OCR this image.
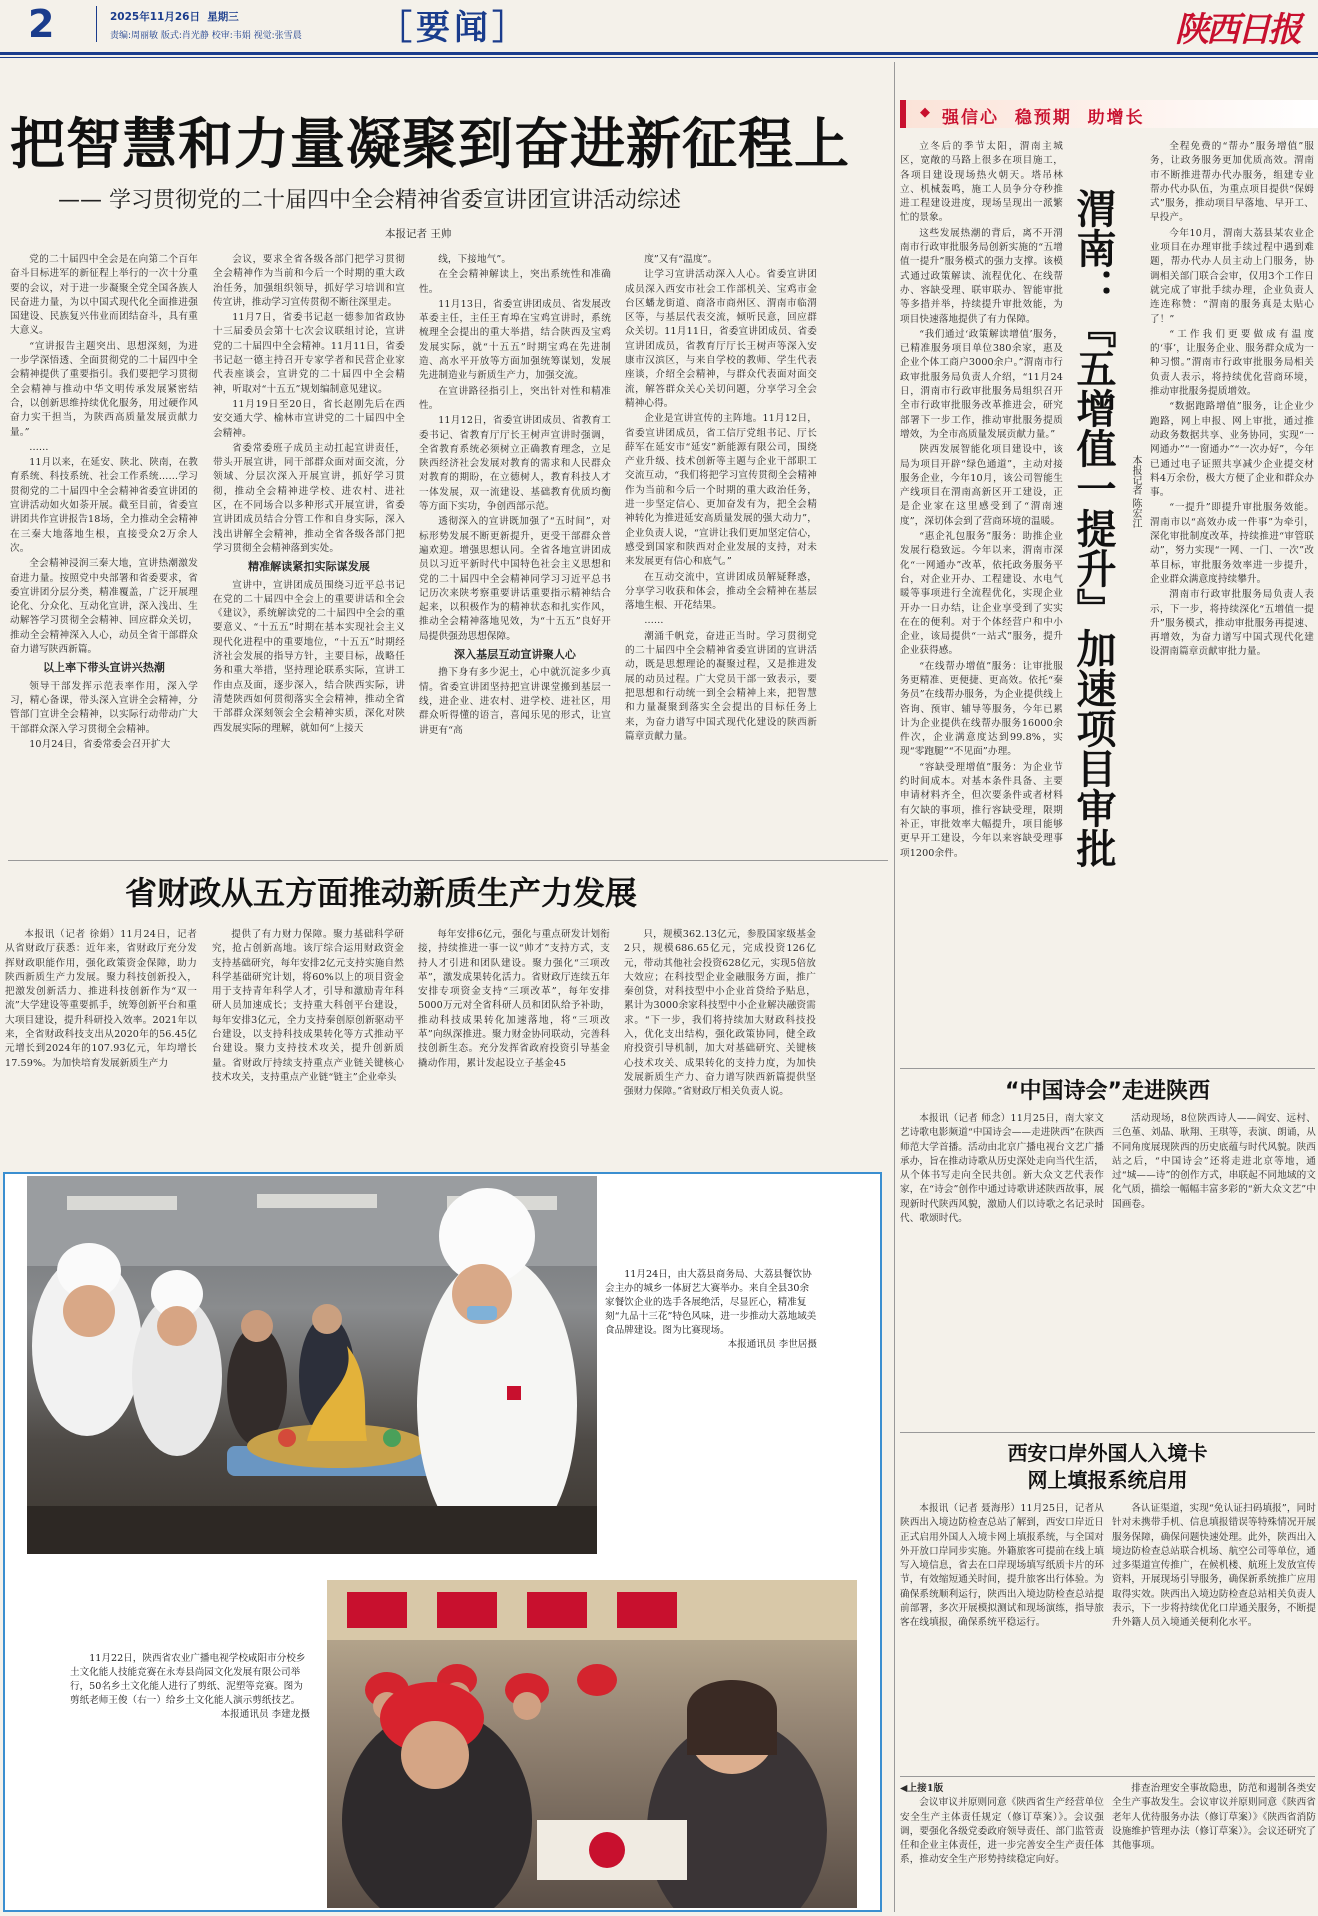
2	2025年11月26日 星期三
责编:周丽敏 版式:肖光静 校审:韦娟 视觉:张雪晨 ［要闻］	陕西日报
把智慧和力量凝聚到奋进新征程上
—— 学习贯彻党的二十届四中全会精神省委宣讲团宣讲活动综述
本报记者 王帅

党的二十届四中全会是在向第二个百年奋斗目标进军的新征程上举行的一次十分重要的会议，对于进一步凝聚全党全国各族人民奋进力量，为以中国式现代化全面推进强国建设、民族复兴伟业而团结奋斗，具有重大意义。

“宣讲报告主题突出、思想深刻，为进一步学深悟透、全面贯彻党的二十届四中全会精神提供了重要指引。我们要把学习贯彻全会精神与推动中华文明传承发展紧密结合，以创新思维持续优化服务，用过硬作风奋力实干担当，为陕西高质量发展贡献力量。”

……

11月以来，在延安、陕北、陕南，在教育系统、科技系统、社会工作系统……学习贯彻党的二十届四中全会精神省委宣讲团的宣讲活动如火如荼开展。截至目前，省委宣讲团共作宣讲报告18场，全力推动全会精神在三秦大地落地生根，直接受众2万余人次。

全会精神浸润三秦大地，宣讲热潮激发奋进力量。按照党中央部署和省委要求，省委宣讲团分层分类，精准覆盖，广泛开展理论化、分众化、互动化宣讲，深入浅出、生动解答学习贯彻全会精神、回应群众关切，推动全会精神深入人心，动员全省干部群众奋力谱写陕西新篇。

以上率下带头宣讲兴热潮

领导干部发挥示范表率作用，深入学习，精心备课，带头深入宣讲全会精神，分管部门宣讲全会精神，以实际行动带动广大干部群众深入学习贯彻全会精神。

10月24日，省委常委会召开扩大

会议，要求全省各级各部门把学习贯彻全会精神作为当前和今后一个时期的重大政治任务，加强组织领导，抓好学习培训和宣传宣讲，推动学习宣传贯彻不断往深里走。

11月7日，省委书记赵一德参加省政协十三届委员会第十七次会议联组讨论，宣讲党的二十届四中全会精神。11月11日，省委书记赵一德主持召开专家学者和民营企业家代表座谈会，宣讲党的二十届四中全会精神，听取对“十五五”规划编制意见建议。

11月19日至20日，省长赵刚先后在西安交通大学、榆林市宣讲党的二十届四中全会精神。

省委常委班子成员主动扛起宣讲责任，带头开展宣讲，同干部群众面对面交流，分领域、分层次深入开展宣讲，抓好学习贯彻，推动全会精神进学校、进农村、进社区，在不同场合以多种形式开展宣讲，省委宣讲团成员结合分管工作和自身实际，深入浅出讲解全会精神，推动全省各级各部门把学习贯彻全会精神落到实处。

精准解读紧扣实际谋发展

宣讲中，宣讲团成员围绕习近平总书记在党的二十届四中全会上的重要讲话和全会《建议》，系统解读党的二十届四中全会的重要意义、“十五五”时期在基本实现社会主义现代化进程中的重要地位，“十五五”时期经济社会发展的指导方针，主要目标，战略任务和重大举措，坚持理论联系实际，宣讲工作由点及面，逐步深入，结合陕西实际，讲清楚陕西如何贯彻落实全会精神，推动全省干部群众深刻领会全会精神实质，深化对陕西发展实际的理解，就如何“上接天

线，下接地气”。

在全会精神解读上，突出系统性和准确性。

11月13日，省委宣讲团成员、省发展改革委主任，主任王育埠在宝鸡宣讲时，系统梳理全会提出的重大举措，结合陕西及宝鸡发展实际，就“十五五”时期宝鸡在先进制造、高水平开放等方面加强统筹谋划，发展先进制造业与新质生产力，加强交流。

在宣讲路径指引上，突出针对性和精准性。

11月12日，省委宣讲团成员、省教育工委书记、省教育厅厅长王树声宣讲时强调，全省教育系统必须树立正确教育理念，立足陕西经济社会发展对教育的需求和人民群众对教育的期盼，在立德树人，教育科技人才一体发展，双一流建设、基础教育优质均衡等方面下实功，争创西部示范。

透彻深入的宣讲既加强了“五时间”，对标形势发展不断更新提升，更受干部群众普遍欢迎。增强思想认同。全省各地宣讲团成员以习近平新时代中国特色社会主义思想和党的二十届四中全会精神同学习习近平总书记历次来陕考察重要讲话重要指示精神结合起来，以积极作为的精神状态和扎实作风，推动全会精神落地见效，为“十五五”良好开局提供强劲思想保障。

深入基层互动宣讲聚人心

撸下身有多少泥土，心中就沉淀多少真情。省委宣讲团坚持把宣讲课堂搬到基层一线，进企业、进农村、进学校、进社区，用群众听得懂的语言，喜闻乐见的形式，让宣讲更有“高

度”又有“温度”。

让学习宣讲活动深入人心。省委宣讲团成员深入西安市社会工作部机关、宝鸡市金台区蟠龙街道、商洛市商州区、渭南市临渭区等，与基层代表交流，倾听民意，回应群众关切。11月11日，省委宣讲团成员、省委宣讲团成员，省教育厅厅长王树声等深入安康市汉滨区，与来自学校的教师、学生代表座谈，介绍全会精神，与群众代表面对面交流，解答群众关心关切问题，分享学习全会精神心得。

企业是宣讲宣传的主阵地。11月12日，省委宣讲团成员，省工信厅党组书记、厅长薛军在延安市“延安”新能源有限公司，围绕产业升级、技术创新等主题与企业干部职工交流互动，“我们将把学习宣传贯彻全会精神作为当前和今后一个时期的重大政治任务，进一步坚定信心、更加奋发有为，把全会精神转化为推进延安高质量发展的强大动力”，企业负责人说，“宣讲让我们更加坚定信心，感受到国家和陕西对企业发展的支持，对未来发展更有信心和底气。”

在互动交流中，宣讲团成员解疑释惑，分享学习收获和体会，推动全会精神在基层落地生根、开花结果。

……

潮涌千帆竞，奋进正当时。学习贯彻党的二十届四中全会精神省委宣讲团的宣讲活动，既是思想理论的凝聚过程，又是推进发展的动员过程。广大党员干部一致表示，要把思想和行动统一到全会精神上来，把智慧和力量凝聚到落实全会提出的目标任务上来，为奋力谱写中国式现代化建设的陕西新篇章贡献力量。

省财政从五方面推动新质生产力发展

本报讯（记者 徐娟）11月24日，记者从省财政厅获悉：近年来，省财政厅充分发挥财政职能作用，强化政策资金保障，助力陕西新质生产力发展。聚力科技创新投入，把激发创新活力、推进科技创新作为“双一流”大学建设等重要抓手，统筹创新平台和重大项目建设，提升科研投入效率。2021年以来，全省财政科技支出从2020年的56.45亿元增长到2024年的107.93亿元，年均增长17.59%。为加快培育发展新质生产力

提供了有力财力保障。聚力基础科学研究，抢占创新高地。该厅综合运用财政资金支持基础研究，每年安排2亿元支持实施自然科学基础研究计划，将60%以上的项目资金用于支持青年科学人才，引导和激励青年科研人员加速成长；支持重大科创平台建设，每年安排3亿元，全力支持秦创原创新驱动平台建设，以支持科技成果转化等方式推动平台建设。聚力支持技术攻关，提升创新质量。省财政厅持续支持重点产业链关键核心技术攻关，支持重点产业链“链主”企业牵头

每年安排6亿元，强化与重点研发计划衔接，持续推进一事一议“帅才”支持方式，支持人才引进和团队建设。聚力强化“三项改革”，激发成果转化活力。省财政厅连续五年安排专项资金支持“三项改革”，每年安排5000万元对全省科研人员和团队给予补助，推动科技成果转化加速落地，将“三项改革”向纵深推进。聚力财金协同联动，完善科技创新生态。充分发挥省政府投资引导基金撬动作用，累计发起设立子基金45

只，规模362.13亿元，参股国家级基金2只，规模686.65亿元，完成投资126亿元，带动其他社会投资628亿元，实现5倍放大效应；在科技型企业金融服务方面，推广秦创贷，对科技型中小企业首贷给予贴息，累计为3000余家科技型中小企业解决融资需求。“下一步，我们将持续加大财政科技投入，优化支出结构，强化政策协同，健全政府投资引导机制，加大对基础研究、关键核心技术攻关、成果转化的支持力度，为加快发展新质生产力、奋力谱写陕西新篇提供坚强财力保障。”省财政厅相关负责人说。

11月24日，由大荔县商务局、大荔县餐饮协会主办的城乡一体厨艺大赛举办。来自全县30余家餐饮企业的选手各展绝活，尽显匠心，精准复刻“九品十三花”特色风味，进一步推动大荔地域美食品牌建设。图为比赛现场。

本报通讯员 李世居摄

11月22日，陕西省农业广播电视学校咸阳市分校乡土文化能人技能竞赛在永寿县尚园文化发展有限公司举行，50名乡土文化能人进行了剪纸、泥塑等竞赛。图为剪纸老师王俊（右一）给乡土文化能人演示剪纸技艺。

本报通讯员 李建龙摄
◆ 强信心  稳预期  助增长

立冬后的季节太阳，渭南主城区，宽敞的马路上很多在项目施工，各项目建设现场热火朝天。塔吊林立、机械轰鸣，施工人员争分夺秒推进工程建设进度，现场呈现出一派繁忙的景象。

这些发展热潮的背后，离不开渭南市行政审批服务局创新实施的“五增值一提升”服务模式的强力支撑。该模式通过政策解读、流程优化、在线帮办、容缺受理、联审联办、智能审批等多措并举，持续提升审批效能，为项目快速落地提供了有力保障。

“我们通过‘政策解读增值’服务，已精准服务项目单位380余家，惠及企业个体工商户3000余户。”渭南市行政审批服务局负责人介绍，“11月24日，渭南市行政审批服务局组织召开全市行政审批服务改革推进会，研究部署下一步工作，推动审批服务提质增效，为全市高质量发展贡献力量。”

陕西发展智能化项目建设中，该局为项目开辟“绿色通道”，主动对接服务企业，今年10月，该公司智能生产线项目在渭南高新区开工建设，正是企业家在这里感受到了“渭南速度”，深切体会到了营商环境的温暖。

“惠企礼包服务”服务：助推企业发展行稳致远。今年以来，渭南市深化“一网通办”改革，依托政务服务平台，对企业开办、工程建设、水电气暖等事项进行全流程优化，实现企业开办一日办结，让企业享受到了实实在在的便利。对于个体经营户和中小企业，该局提供“一站式”服务，提升企业获得感。

“在线帮办增值”服务：让审批服务更精准、更便捷、更高效。依托“秦务员”在线帮办服务，为企业提供线上咨询、预审、辅导等服务，今年已累计为企业提供在线帮办服务16000余件次，企业满意度达到99.8%，实现“零跑腿”“不见面”办理。

“容缺受理增值”服务：为企业节约时间成本。对基本条件具备、主要申请材料齐全，但次要条件或者材料有欠缺的事项，推行容缺受理，限期补正，审批效率大幅提升，项目能够更早开工建设，今年以来容缺受理事项1200余件。	渭南：『五增值一提升』加速项目审批	本报记者 陈宏江

全程免费的“帮办”服务增值”服务，让政务服务更加优质高效。渭南市不断推进帮办代办服务，组建专业帮办代办队伍，为重点项目提供“保姆式”服务，推动项目早落地、早开工、早投产。

今年10月，渭南大荔县某农业企业项目在办理审批手续过程中遇到难题，帮办代办人员主动上门服务，协调相关部门联合会审，仅用3个工作日就完成了审批手续办理，企业负责人连连称赞：“渭南的服务真是太贴心了！”

“工作我们更要做成有温度的‘事’，让服务企业、服务群众成为一种习惯。”渭南市行政审批服务局相关负责人表示，将持续优化营商环境，推动审批服务提质增效。

“数据跑路增值”服务，让企业少跑路，网上申报、网上审批，通过推动政务数据共享、业务协同，实现“一网通办”“一窗通办”“一次办好”，今年已通过电子证照共享减少企业提交材料4万余份，极大方便了企业和群众办事。

“一提升”即提升审批服务效能。渭南市以“高效办成一件事”为牵引，深化审批制度改革，持续推进“审管联动”，努力实现“一网、一门、一次”改革目标，审批服务效率进一步提升，企业群众满意度持续攀升。

渭南市行政审批服务局负责人表示，下一步，将持续深化“五增值一提升”服务模式，推动审批服务再提速、再增效，为奋力谱写中国式现代化建设渭南篇章贡献审批力量。

“中国诗会”走进陕西

本报讯（记者 师念）11月25日，南大家文艺诗歌电影频道“中国诗会——走进陕西”在陕西师范大学首播。活动由北京广播电视台文艺广播承办，旨在推动诗歌从历史深处走向当代生活，从个体书写走向全民共创。新大众文艺代表作家，在“诗会”创作中通过诗歌讲述陕西故事，展现新时代陕西风貌，激励人们以诗歌之名记录时代、歌颂时代。

活动现场，8位陕西诗人——阎安、远村、三色堇、刘晶、耿翔、王琪等，表演、朗诵，从不同角度展现陕西的历史底蕴与时代风貌。陕西站之后，“中国诗会”还将走进北京等地，通过“城——诗”的创作方式，串联起不同地域的文化气质，描绘一幅幅丰富多彩的“新大众文艺”中国画卷。

西安口岸外国人入境卡
网上填报系统启用

本报讯（记者 聂海彤）11月25日，记者从陕西出入境边防检查总站了解到，西安口岸近日正式启用外国人入境卡网上填报系统，与全国对外开放口岸同步实施。外籍旅客可提前在线上填写入境信息，省去在口岸现场填写纸质卡片的环节，有效缩短通关时间，提升旅客出行体验。为确保系统顺利运行，陕西出入境边防检查总站提前部署，多次开展模拟测试和现场演练，指导旅客在线填报，确保系统平稳运行。

各认证渠道，实现“免认证扫码填报”，同时针对未携带手机、信息填报错误等特殊情况开展服务保障，确保问题快速处理。此外，陕西出入境边防检查总站联合机场、航空公司等单位，通过多渠道宣传推广，在候机楼、航班上发放宣传资料，开展现场引导服务，确保新系统推广应用取得实效。陕西出入境边防检查总站相关负责人表示，下一步将持续优化口岸通关服务，不断提升外籍人员入境通关便利化水平。

◀上接1版

会议审议并原则同意《陕西省生产经营单位安全生产主体责任规定（修订草案）》。会议强调，要强化各级党委政府领导责任、部门监管责任和企业主体责任，进一步完善安全生产责任体系，推动安全生产形势持续稳定向好。

排查治理安全事故隐患，防范和遏制各类安全生产事故发生。会议审议并原则同意《陕西省老年人优待服务办法（修订草案）》《陕西省消防设施维护管理办法（修订草案）》。会议还研究了其他事项。
